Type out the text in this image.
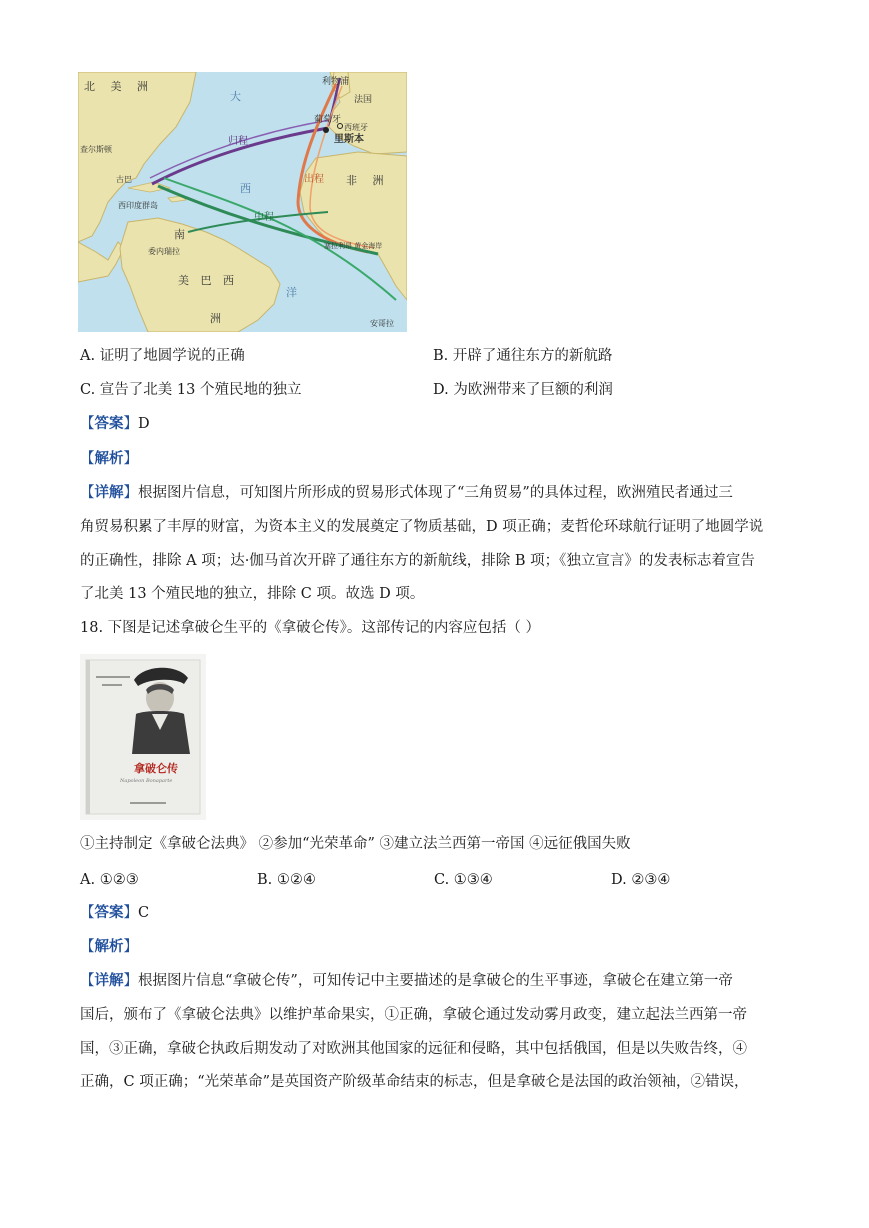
北 美 洲
大
西
洋
非 洲
南
美 巴 西
洲
利物浦
法国
葡萄牙
西班牙
里斯本
查尔斯顿
古巴
西印度群岛
委内瑞拉
塞拉利昂 黄金海岸
安哥拉
归程
中程
出程
A. 证明了地圆学说的正确	B. 开辟了通往东方的新航路
C. 宣告了北美 13 个殖民地的独立	D. 为欧洲带来了巨额的利润
【答案】D
【解析】
【详解】根据图片信息，可知图片所形成的贸易形式体现了“三角贸易”的具体过程，欧洲殖民者通过三
角贸易积累了丰厚的财富，为资本主义的发展奠定了物质基础，D 项正确；麦哲伦环球航行证明了地圆学说
的正确性，排除 A 项；达·伽马首次开辟了通往东方的新航线，排除 B 项；《独立宣言》的发表标志着宣告
了北美 13 个殖民地的独立，排除 C 项。故选 D 项。
18. 下图是记述拿破仑生平的《拿破仑传》。这部传记的内容应包括（ ）
拿破仑传
Napoleon Bonaparte
①主持制定《拿破仑法典》 ②参加“光荣革命” ③建立法兰西第一帝国 ④远征俄国失败
A. ①②③	B. ①②④	C. ①③④	D. ②③④
【答案】C
【解析】
【详解】根据图片信息“拿破仑传”，可知传记中主要描述的是拿破仑的生平事迹，拿破仑在建立第一帝
国后，颁布了《拿破仑法典》以维护革命果实，①正确，拿破仑通过发动雾月政变，建立起法兰西第一帝
国，③正确，拿破仑执政后期发动了对欧洲其他国家的远征和侵略，其中包括俄国，但是以失败告终，④
正确，C 项正确；“光荣革命”是英国资产阶级革命结束的标志，但是拿破仑是法国的政治领袖，②错误，
